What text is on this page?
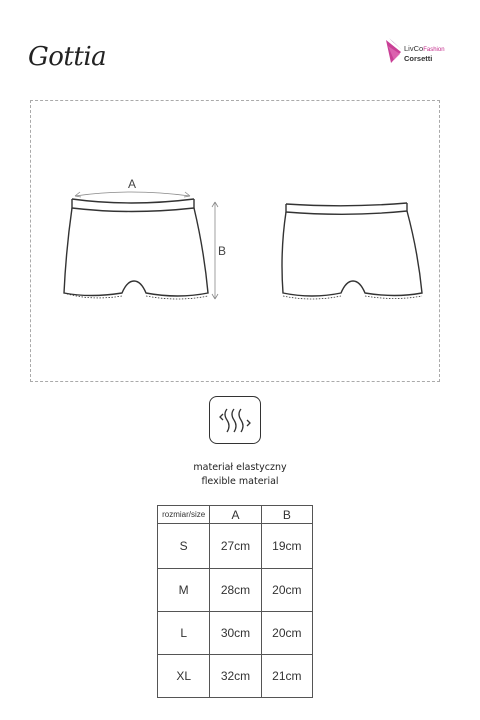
Gottia	LivCoFashion
Corsetti
A
B
materiał elastyczny
flexible material
rozmiar/size	A	B
S	27cm	19cm
M	28cm	20cm
L	30cm	20cm
XL	32cm	21cm
